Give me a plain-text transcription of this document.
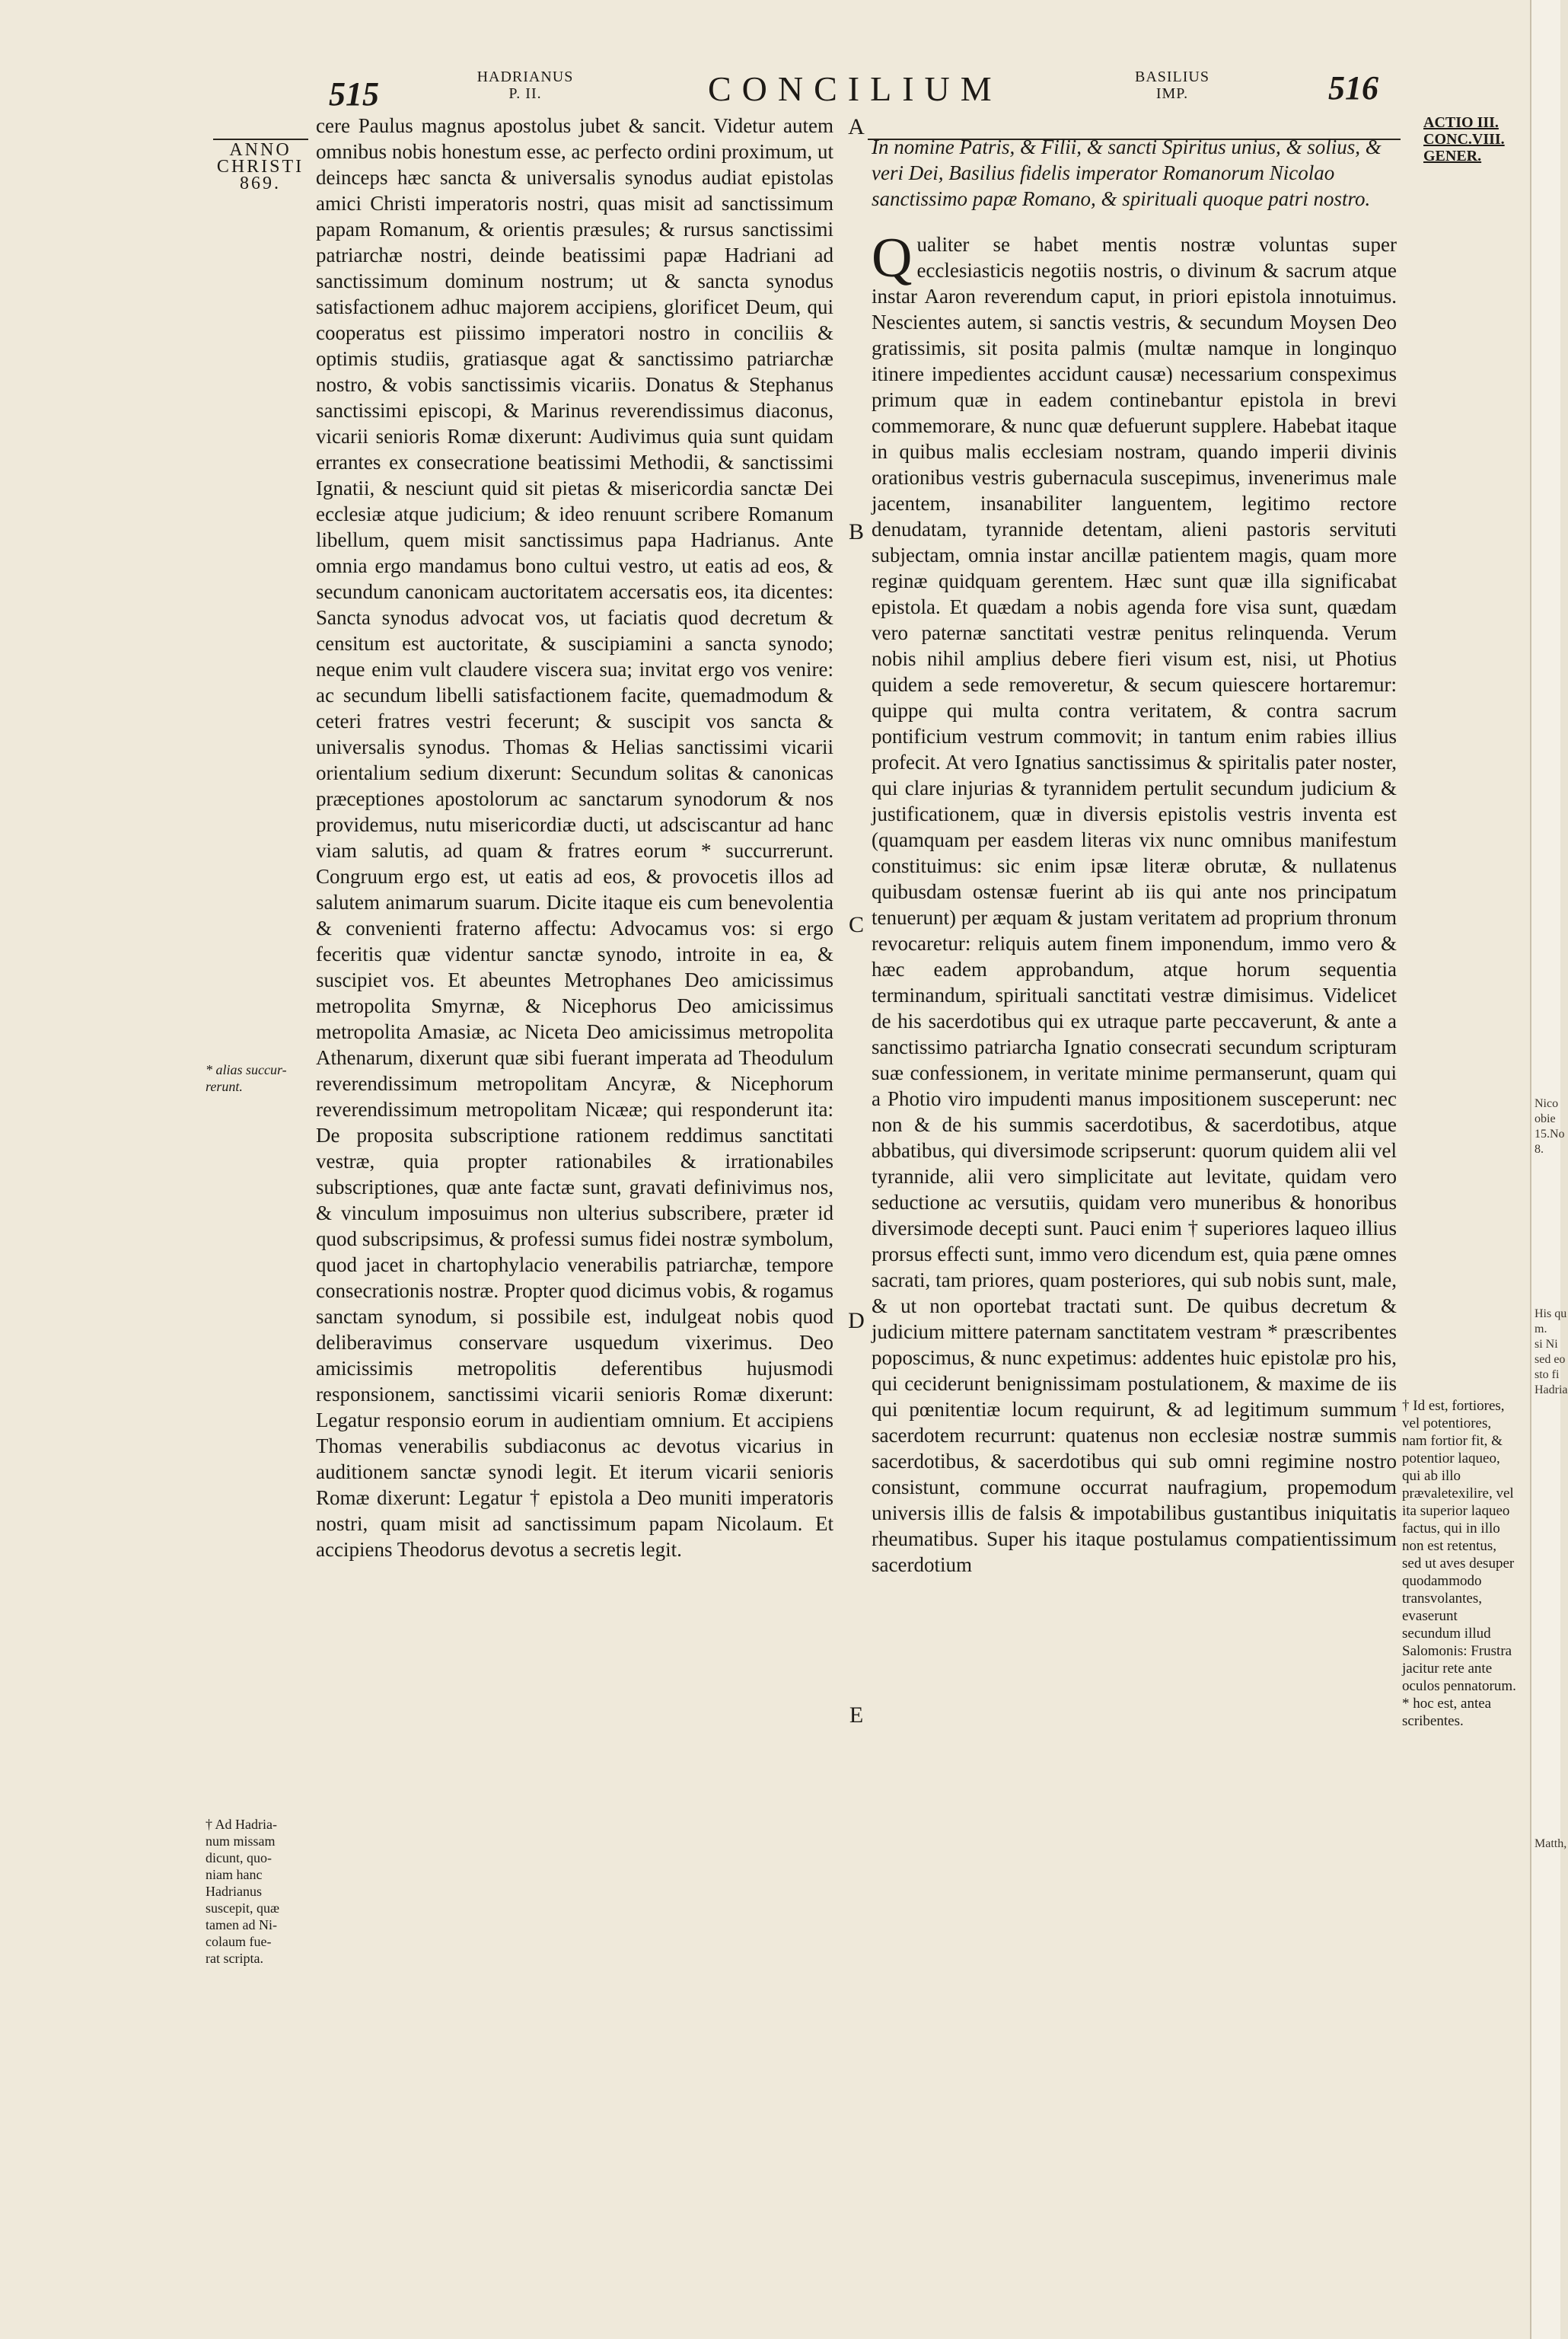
515	HADRIANUS
P. II.	CONCILIUM	BASILIUS
IMP.	516
ANNO
CHRISTI
869.
* alias succur-
rerunt.
† Ad Hadria-
num missam
dicunt, quo-
niam hanc
Hadrianus
suscepit, quæ
tamen ad Ni-
colaum fue-
rat scripta.

cere Paulus magnus apostolus jubet & sancit. Videtur autem omnibus nobis honestum esse, ac perfecto ordini proximum, ut deinceps hæc sancta & universalis synodus audiat epistolas amici Christi imperatoris nostri, quas misit ad sanctissimum papam Romanum, & orientis præsules; & rursus sanctissimi patriarchæ nostri, deinde beatissimi papæ Hadriani ad sanctissimum dominum nostrum; ut & sancta synodus satisfactionem adhuc majorem accipiens, glorificet Deum, qui cooperatus est piissimo imperatori nostro in conciliis & optimis studiis, gratiasque agat & sanctissimo patriarchæ nostro, & vobis sanctissimis vicariis. Donatus & Stephanus sanctissimi episcopi, & Marinus reverendissimus diaconus, vicarii senioris Romæ dixerunt: Audivimus quia sunt quidam errantes ex consecratione beatissimi Methodii, & sanctissimi Ignatii, & nesciunt quid sit pietas & misericordia sanctæ Dei ecclesiæ atque judicium; & ideo renuunt scribere Romanum libellum, quem misit sanctissimus papa Hadrianus. Ante omnia ergo mandamus bono cultui vestro, ut eatis ad eos, & secundum canonicam auctoritatem accersatis eos, ita dicentes: Sancta synodus advocat vos, ut faciatis quod decretum & censitum est auctoritate, & suscipiamini a sancta synodo; neque enim vult claudere viscera sua; invitat ergo vos venire: ac secundum libelli satisfactionem facite, quemadmodum & ceteri fratres vestri fecerunt; & suscipit vos sancta & universalis synodus. Thomas & Helias sanctissimi vicarii orientalium sedium dixerunt: Secundum solitas & canonicas præceptiones apostolorum ac sanctarum synodorum & nos providemus, nutu misericordiæ ducti, ut adsciscantur ad hanc viam salutis, ad quam & fratres eorum * succurrerunt. Congruum ergo est, ut eatis ad eos, & provocetis illos ad salutem animarum suarum. Dicite itaque eis cum benevolentia & convenienti fraterno affectu: Advocamus vos: si ergo feceritis quæ videntur sanctæ synodo, introite in ea, & suscipiet vos. Et abeuntes Metrophanes Deo amicissimus metropolita Smyrnæ, & Nicephorus Deo amicissimus metropolita Amasiæ, ac Niceta Deo amicissimus metropolita Athenarum, dixerunt quæ sibi fuerant imperata ad Theodulum reverendissimum metropolitam Ancyræ, & Nicephorum reverendissimum metropolitam Nicææ; qui responderunt ita: De proposita subscriptione rationem reddimus sanctitati vestræ, quia propter rationabiles & irrationabiles subscriptiones, quæ ante factæ sunt, gravati definivimus nos, & vinculum imposuimus non ulterius subscribere, præter id quod subscripsimus, & professi sumus fidei nostræ symbolum, quod jacet in chartophylacio venerabilis patriarchæ, tempore consecrationis nostræ. Propter quod dicimus vobis, & rogamus sanctam synodum, si possibile est, indulgeat nobis quod deliberavimus conservare usquedum vixerimus. Deo amicissimis metropolitis deferentibus hujusmodi responsionem, sanctissimi vicarii senioris Romæ dixerunt: Legatur responsio eorum in audientiam omnium. Et accipiens Thomas venerabilis subdiaconus ac devotus vicarius in auditionem sanctæ synodi legit. Et iterum vicarii senioris Romæ dixerunt: Legatur † epistola a Deo muniti imperatoris nostri, quam misit ad sanctissimum papam Nicolaum. Et accipiens Theodorus devotus a secretis legit.

A
B
C
D
E

In nomine Patris, & Filii, & sancti Spiritus unius, & solius, & veri Dei, Basilius fidelis imperator Romanorum Nicolao sanctissimo papæ Romano, & spirituali quoque patri nostro.

Qualiter se habet mentis nostræ voluntas super ecclesiasticis negotiis nostris, o divinum & sacrum atque instar Aaron reverendum caput, in priori epistola innotuimus. Nescientes autem, si sanctis vestris, & secundum Moysen Deo gratissimis, sit posita palmis (multæ namque in longinquo itinere impedientes accidunt causæ) necessarium conspeximus primum quæ in eadem continebantur epistola in brevi commemorare, & nunc quæ defuerunt supplere. Habebat itaque in quibus malis ecclesiam nostram, quando imperii divinis orationibus vestris gubernacula suscepimus, invenerimus male jacentem, insanabiliter languentem, legitimo rectore denudatam, tyrannide detentam, alieni pastoris servituti subjectam, omnia instar ancillæ patientem magis, quam more reginæ quidquam gerentem. Hæc sunt quæ illa significabat epistola. Et quædam a nobis agenda fore visa sunt, quædam vero paternæ sanctitati vestræ penitus relinquenda. Verum nobis nihil amplius debere fieri visum est, nisi, ut Photius quidem a sede removeretur, & secum quiescere hortaremur: quippe qui multa contra veritatem, & contra sacrum pontificium vestrum commovit; in tantum enim rabies illius profecit. At vero Ignatius sanctissimus & spiritalis pater noster, qui clare injurias & tyrannidem pertulit secundum judicium & justificationem, quæ in diversis epistolis vestris inventa est (quamquam per easdem literas vix nunc omnibus manifestum constituimus: sic enim ipsæ literæ obrutæ, & nullatenus quibusdam ostensæ fuerint ab iis qui ante nos principatum tenuerunt) per æquam & justam veritatem ad proprium thronum revocaretur: reliquis autem finem imponendum, immo vero & hæc eadem approbandum, atque horum sequentia terminandum, spirituali sanctitati vestræ dimisimus. Videlicet de his sacerdotibus qui ex utraque parte peccaverunt, & ante a sanctissimo patriarcha Ignatio consecrati secundum scripturam suæ confessionem, in veritate minime permanserunt, quam qui a Photio viro impudenti manus impositionem susceperunt: nec non & de his summis sacerdotibus, & sacerdotibus, atque abbatibus, qui diversimode scripserunt: quorum quidem alii vel tyrannide, alii vero simplicitate aut levitate, quidam vero seductione ac versutiis, quidam vero muneribus & honoribus diversimode decepti sunt. Pauci enim † superiores laqueo illius prorsus effecti sunt, immo vero dicendum est, quia pæne omnes sacrati, tam priores, quam posteriores, qui sub nobis sunt, male, & ut non oportebat tractati sunt. De quibus decretum & judicium mittere paternam sanctitatem vestram * præscribentes poposcimus, & nunc expetimus: addentes huic epistolæ pro his, qui ceciderunt benignissimam postulationem, & maxime de iis qui pœnitentiæ locum requirunt, & ad legitimum summum sacerdotem recurrunt: quatenus non ecclesiæ nostræ summis sacerdotibus, & sacerdotibus qui sub omni regimine nostro consistunt, commune occurrat naufragium, propemodum universis illis de falsis & impotabilibus gustantibus iniquitatis rheumatibus. Super his itaque postulamus compatientissimum sacerdotium

ACTIO III.
CONC.VIII.
GENER.
† Id est, fortiores, vel potentiores, nam fortior fit, & potentior laqueo, qui ab illo prævaletexilire, vel ita superior laqueo factus, qui in illo non est retentus, sed ut aves desuper quodammodo transvolantes, evaserunt secundum illud Salomonis: Frustra jacitur rete ante oculos pennatorum.
* hoc est, antea scribentes.
Nico
obie
15.No
8.
His qu
m.
si Ni
sed eo
sto fi
Hadria
Matth,
